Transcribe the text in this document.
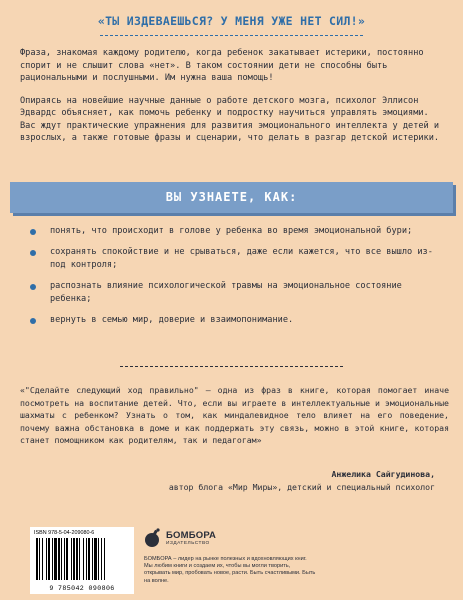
«ТЫ ИЗДЕВАЕШЬСЯ? У МЕНЯ УЖЕ НЕТ СИЛ!»

Фраза, знакомая каждому родителю, когда ребенок закатывает истерики, постоянно спорит и не слышит слова «нет». В таком состоянии дети не способны быть рациональными и послушными. Им нужна ваша помощь!

Опираясь на новейшие научные данные о работе детского мозга, психолог Эллисон Эдвардс объясняет, как помочь ребенку и подростку научиться управлять эмоциями. Вас ждут практические упражнения для развития эмоционального интеллекта у детей и взрослых, а также готовые фразы и сценарии, что делать в разгар детской истерики.

ВЫ УЗНАЕТЕ, КАК:
понять, что происходит в голове у ребенка во время эмоциональной бури;
сохранять спокойствие и не срываться, даже если кажется, что все вышло из-под контроля;
распознать влияние психологической травмы на эмоциональное состояние ребенка;
вернуть в семью мир, доверие и взаимопонимание.
«"Сделайте следующий ход правильно" – одна из фраз в книге, которая помогает иначе посмотреть на воспитание детей. Что, если вы играете в интеллектуальные и эмоциональные шахматы с ребенком? Узнать о том, как миндалевидное тело влияет на его поведение, почему важна обстановка в доме и как поддержать эту связь, можно в этой книге, которая станет помощником как родителям, так и педагогам»
Анжелика Сайгудинова,
автор блога «Мир Миры», детский и специальный психолог
ISBN 978-5-04-209080-6
9 785042 090806
БОМБОРА
ИЗДАТЕЛЬСТВО
БОМБОРА – лидер на рынке полезных и вдохновляющих книг. Мы любим книги и создаем их, чтобы вы могли творить, открывать мир, пробовать новое, расти. Быть счастливыми. Быть на волне.
